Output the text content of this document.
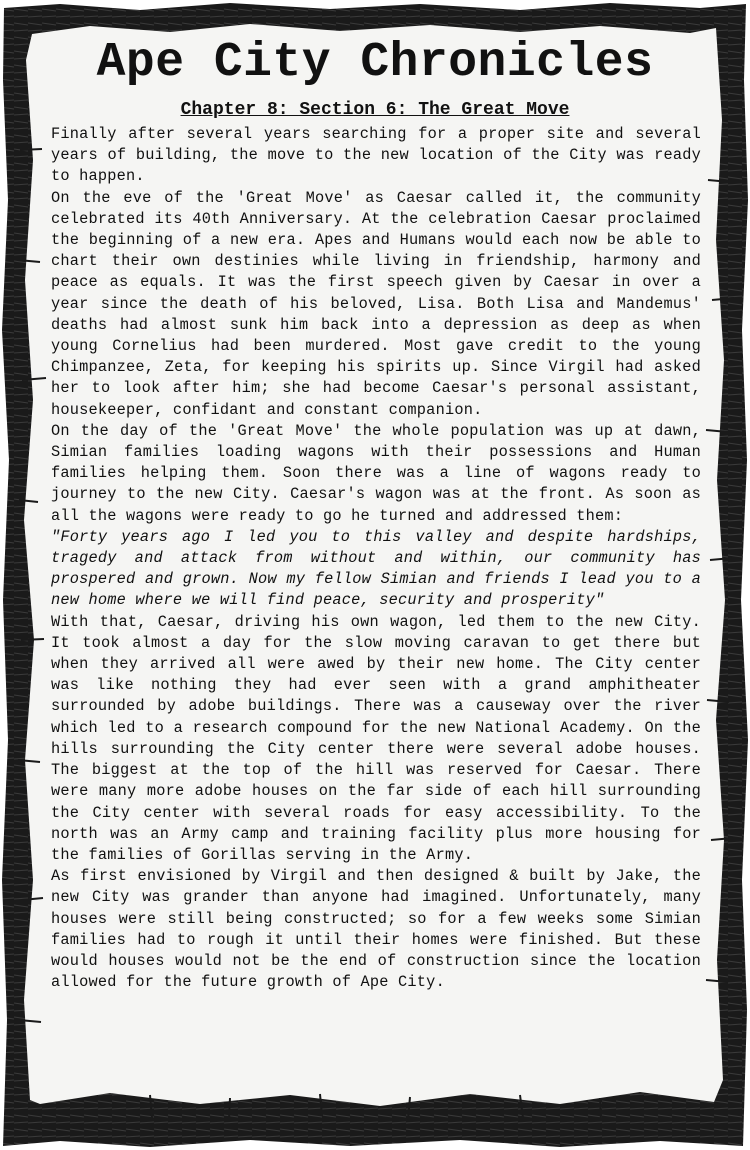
Ape City Chronicles
Chapter 8: Section 6: The Great Move

Finally after several years searching for a proper site and several years of building, the move to the new location of the City was ready to happen.

On the eve of the 'Great Move' as Caesar called it, the community celebrated its 40th Anniversary. At the celebration Caesar proclaimed the beginning of a new era. Apes and Humans would each now be able to chart their own destinies while living in friendship, harmony and peace as equals. It was the first speech given by Caesar in over a year since the death of his beloved, Lisa. Both Lisa and Mandemus' deaths had almost sunk him back into a depression as deep as when young Cornelius had been murdered. Most gave credit to the young Chimpanzee, Zeta, for keeping his spirits up. Since Virgil had asked her to look after him; she had become Caesar's personal assistant, housekeeper, confidant and constant companion.

On the day of the 'Great Move' the whole population was up at dawn, Simian families loading wagons with their possessions and Human families helping them. Soon there was a line of wagons ready to journey to the new City. Caesar's wagon was at the front. As soon as all the wagons were ready to go he turned and addressed them:

"Forty years ago I led you to this valley and despite hardships, tragedy and attack from without and within, our community has prospered and grown. Now my fellow Simian and friends I lead you to a new home where we will find peace, security and prosperity"

With that, Caesar, driving his own wagon, led them to the new City. It took almost a day for the slow moving caravan to get there but when they arrived all were awed by their new home. The City center was like nothing they had ever seen with a grand amphitheater surrounded by adobe buildings. There was a causeway over the river which led to a research compound for the new National Academy. On the hills surrounding the City center there were several adobe houses. The biggest at the top of the hill was reserved for Caesar. There were many more adobe houses on the far side of each hill surrounding the City center with several roads for easy accessibility. To the north was an Army camp and training facility plus more housing for the families of Gorillas serving in the Army.

As first envisioned by Virgil and then designed & built by Jake, the new City was grander than anyone had imagined. Unfortunately, many houses were still being constructed; so for a few weeks some Simian families had to rough it until their homes were finished. But these would houses would not be the end of construction since the location allowed for the future growth of Ape City.
